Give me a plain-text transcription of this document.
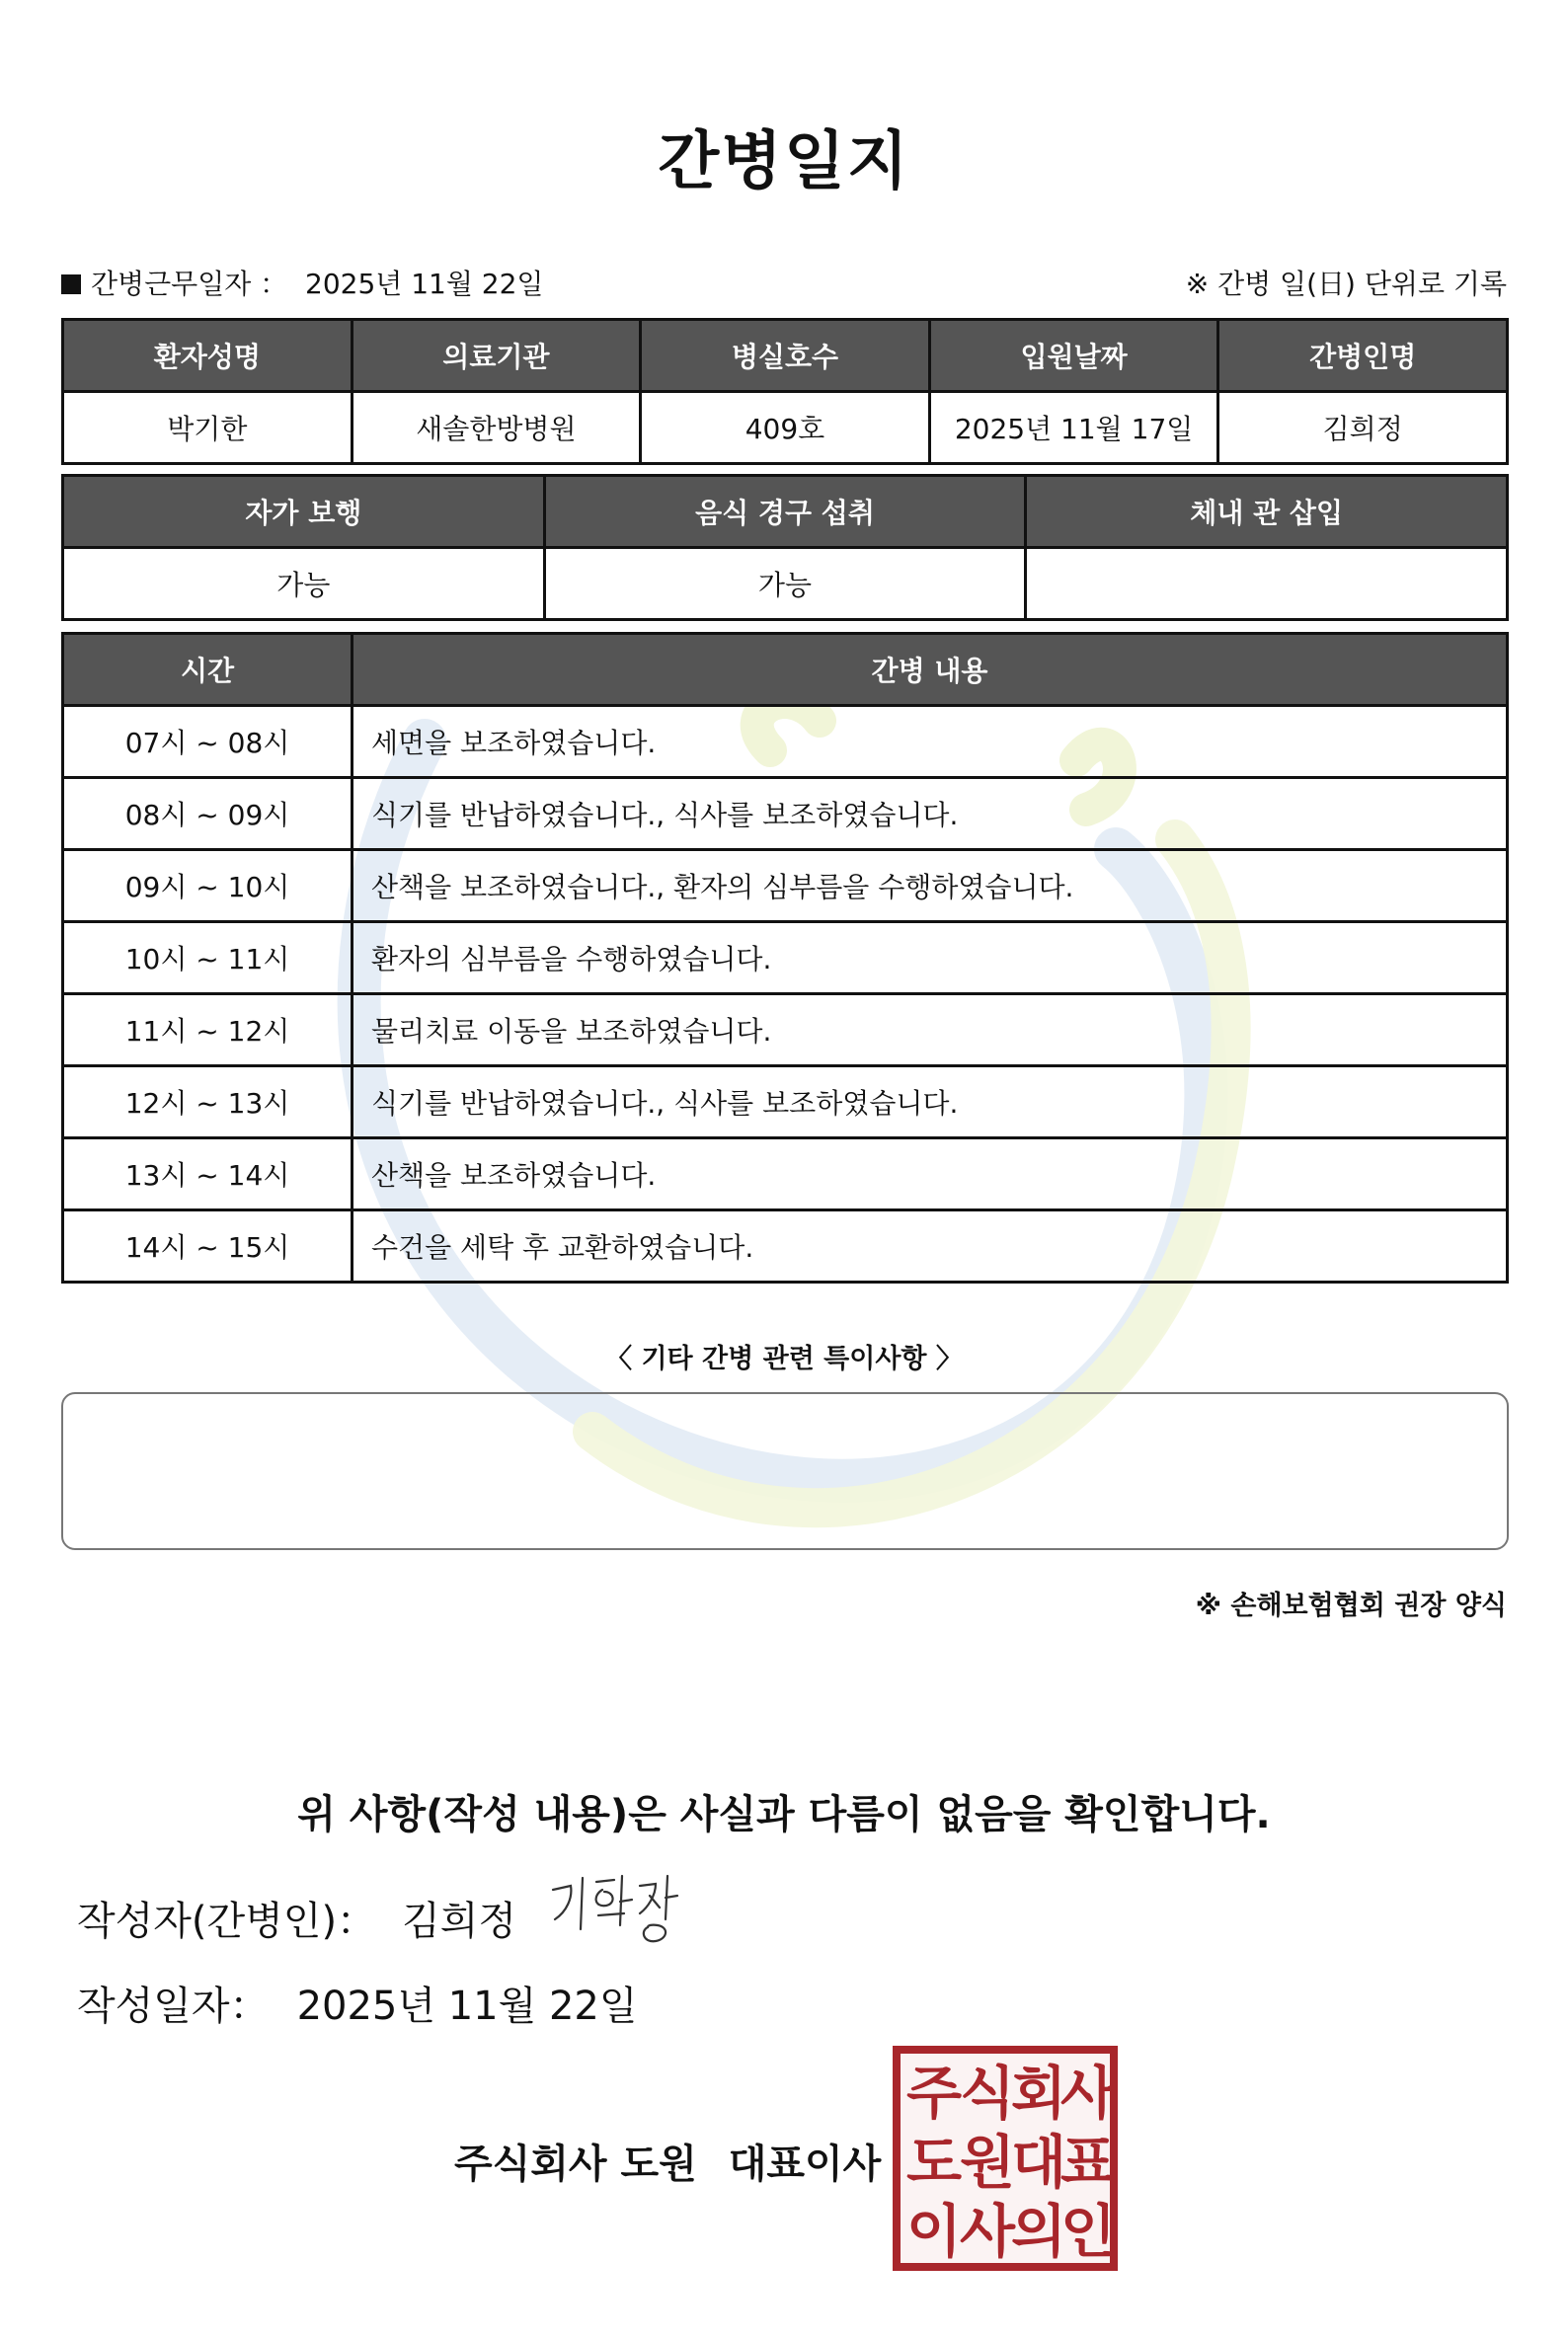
간병일지
간병근무일자 ： 2025년 11월 22일	※ 간병 일(日) 단위로 기록
환자성명	의료기관	병실호수	입원날짜	간병인명
박기한	새솔한방병원	409호	2025년 11월 17일	김희정
자가 보행	음식 경구 섭취	체내 관 삽입
가능	가능	
시간	간병 내용
07시 ~ 08시	세면을 보조하였습니다.
08시 ~ 09시	식기를 반납하였습니다., 식사를 보조하였습니다.
09시 ~ 10시	산책을 보조하였습니다., 환자의 심부름을 수행하였습니다.
10시 ~ 11시	환자의 심부름을 수행하였습니다.
11시 ~ 12시	물리치료 이동을 보조하였습니다.
12시 ~ 13시	식기를 반납하였습니다., 식사를 보조하였습니다.
13시 ~ 14시	산책을 보조하였습니다.
14시 ~ 15시	수건을 세탁 후 교환하였습니다.
〈 기타 간병 관련 특이사항 〉
※ 손해보험협회 권장 양식
위 사항(작성 내용)은 사실과 다름이 없음을 확인합니다.
작성자(간병인)： 김희정
작성일자： 2025년 11월 22일
주식회사 도원 대표이사
주
식
회
사
도
원
대
표
이
사
의
인
